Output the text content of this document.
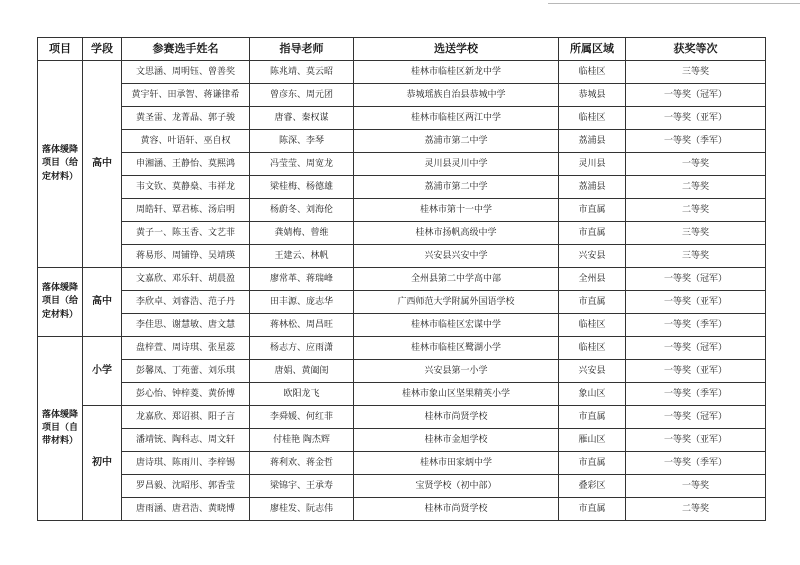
项目	学段	参赛选手姓名	指导老师	选送学校	所属区域	获奖等次
落体缓降项目（给定材料）	高中	文思涵、周明钰、曾善奖	陈兆靖、莫云昭	桂林市临桂区新龙中学	临桂区	三等奖
		黄宇轩、田承智、蒋谦律希	曾彦东、周元团	恭城瑶族自治县恭城中学	恭城县	一等奖（冠军）
		黄圣雷、龙菁晶、郭子骏	唐睿、秦权谋	桂林市临桂区两江中学	临桂区	一等奖（亚军）
		黄容、叶语轩、巫自权	陈深、李琴	荔浦市第二中学	荔浦县	一等奖（季军）
		申湘涵、王静怡、莫熙鸿	冯莹莹、周宽龙	灵川县灵川中学	灵川县	一等奖
		韦文钦、莫静燊、韦祥龙	梁桂梅、杨德雄	荔浦市第二中学	荔浦县	二等奖
		周皓轩、覃君栋、汤启明	杨蔚冬、刘海伦	桂林市第十一中学	市直属	二等奖
		黄子一、陈玉香、文艺菲	龚婧梅、曾维	桂林市扬帆高级中学	市直属	三等奖
		蒋易形、周铺铮、吴靖瑛	王建云、林帆	兴安县兴安中学	兴安县	三等奖
落体缓降项目（给定材料）	高中	文嘉欣、邓乐轩、胡晨盈	廖常革、蒋瑞峰	全州县第二中学高中部	全州县	一等奖（冠军）
		李欣卓、刘睿浩、范子丹	田丰源、庞志华	广西师范大学附属外国语学校	市直属	一等奖（亚军）
		李佳思、谢慧敏、唐文慧	蒋林松、周昌旺	桂林市临桂区宏谋中学	临桂区	一等奖（季军）
落体缓降项目（自带材料）	小学	盘梓萱、周诗琪、张星蕊	杨志方、应雨潇	桂林市临桂区鹭湖小学	临桂区	一等奖（冠军）
		彭馨凤、丁苑蕾、刘乐琪	唐娟、黄阖闺	兴安县第一小学	兴安县	一等奖（亚军）
		彭心怡、钟梓菱、黄侨博	欧阳龙飞	桂林市象山区坚果精英小学	象山区	一等奖（季军）
	初中	龙嘉欣、郑诏祺、阳子言	李舜媛、何红菲	桂林市尚贤学校	市直属	一等奖（冠军）
		潘靖铳、陶科志、周文轩	付桂艳 陶杰辉	桂林市金旭学校	雁山区	一等奖（亚军）
		唐诗琪、陈雨川、李梓锡	蒋利欢、蒋金哲	桂林市田家炳中学	市直属	一等奖（季军）
		罗昌毅、沈昭彤、郭香莹	梁锦宇、王承寿	宝贤学校（初中部）	叠彩区	一等奖
		唐雨涵、唐君浩、黄晓博	廖桂发、阮志伟	桂林市尚贤学校	市直属	二等奖
